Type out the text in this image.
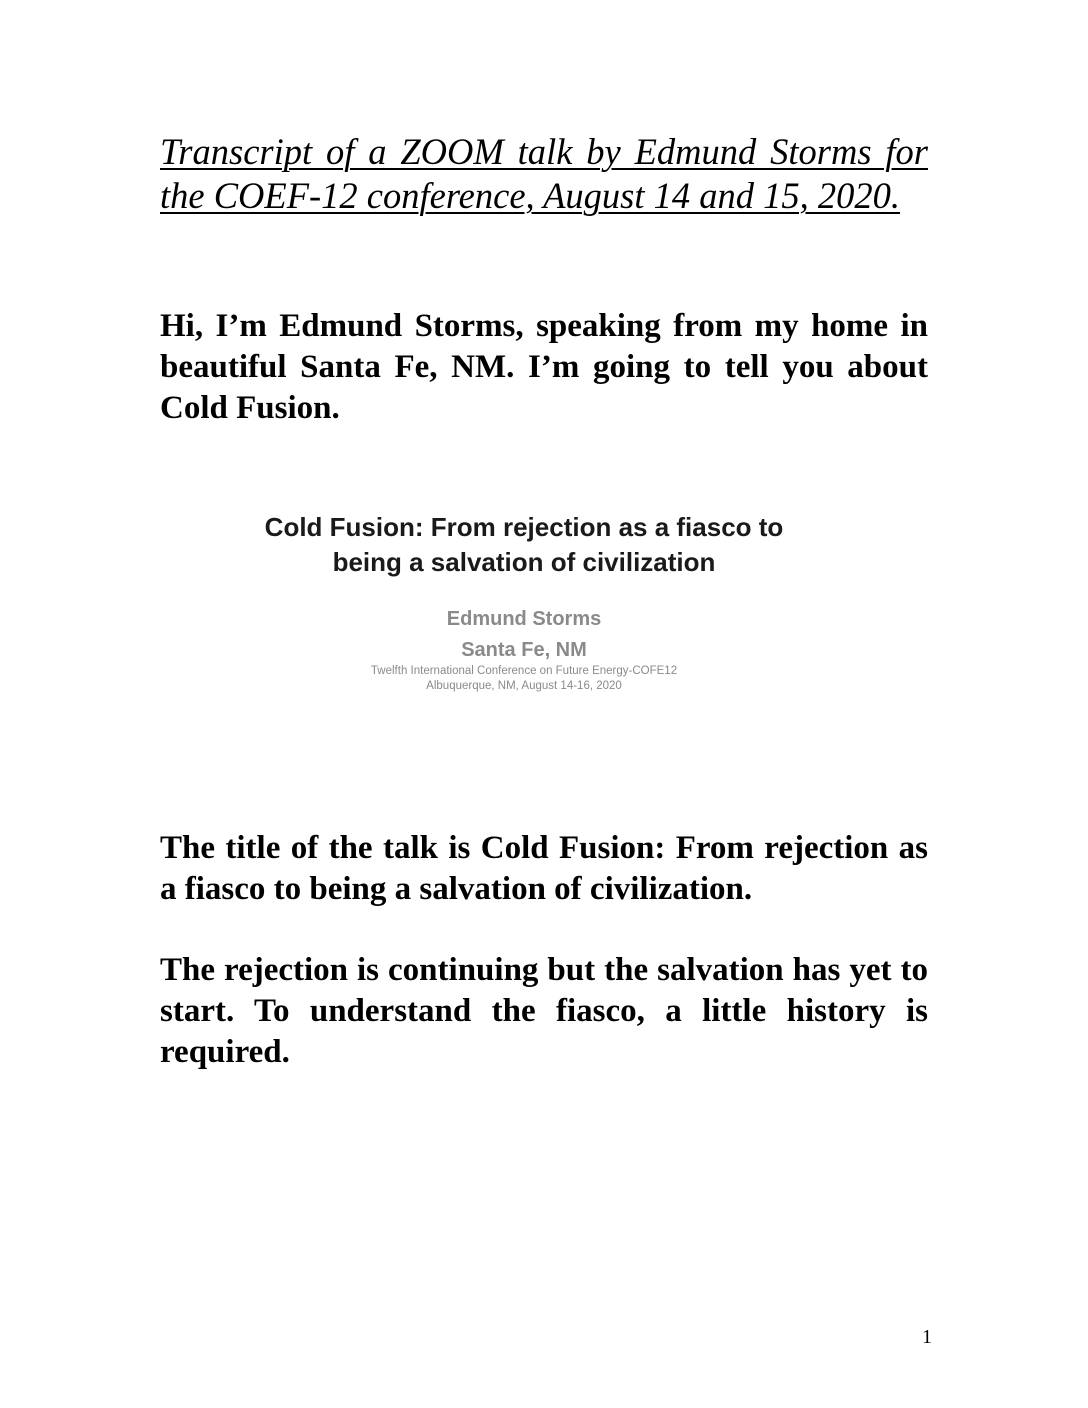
Transcript of a ZOOM talk by Edmund Storms for the COEF-12 conference, August 14 and 15, 2020.

Hi, I’m Edmund Storms, speaking from my home in beautiful Santa Fe, NM. I’m going to tell you about Cold Fusion.

Cold Fusion: From rejection as a fiasco to being a salvation of civilization

Edmund Storms
Santa Fe, NM
Twelfth International Conference on Future Energy-COFE12
Albuquerque, NM, August 14-16, 2020

The title of the talk is Cold Fusion: From rejection as a fiasco to being a salvation of civilization.

The rejection is continuing but the salvation has yet to start. To understand the fiasco, a little history is required.

1
